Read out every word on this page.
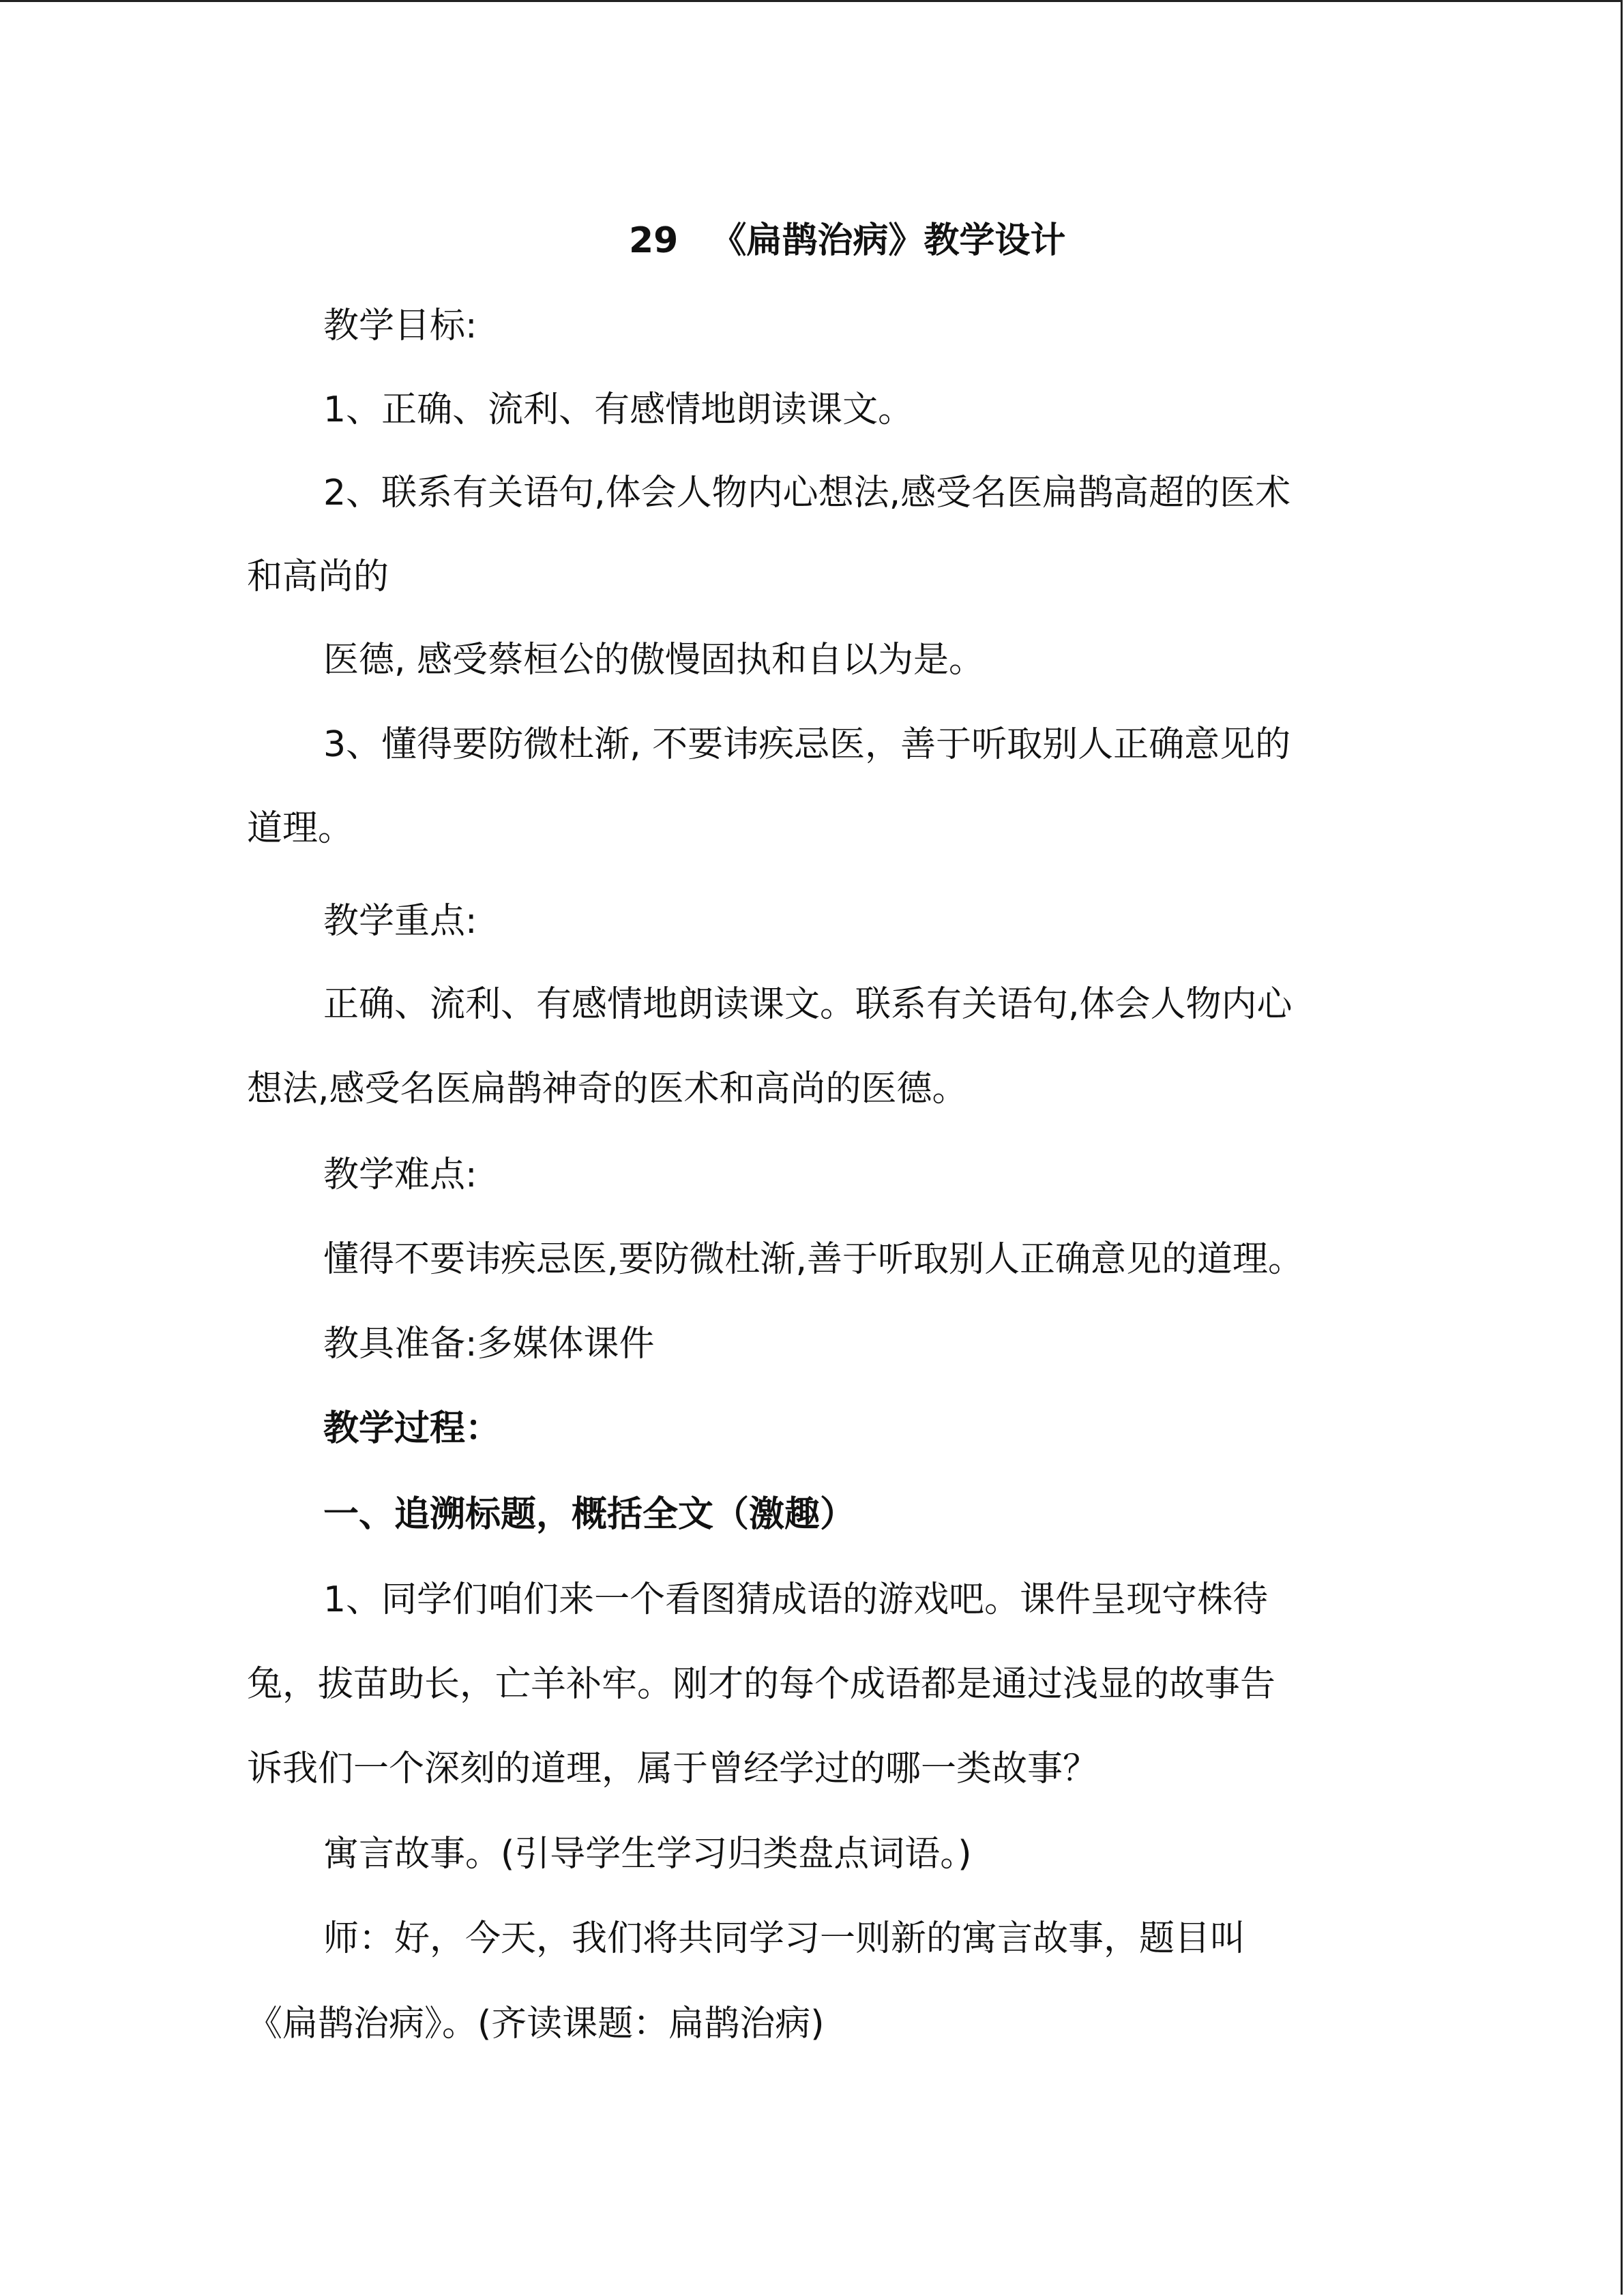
29 《扁鹊治病》教学设计
教学目标:
1、正确、流利、有感情地朗读课文。
2、联系有关语句,体会人物内心想法,感受名医扁鹊高超的医术
和高尚的
医德, 感受蔡桓公的傲慢固执和自以为是。
3、懂得要防微杜渐, 不要讳疾忌医，善于听取别人正确意见的
道理。
教学重点:
正确、流利、有感情地朗读课文。联系有关语句,体会人物内心
想法,感受名医扁鹊神奇的医术和高尚的医德。
教学难点:
懂得不要讳疾忌医,要防微杜渐,善于听取别人正确意见的道理。
教具准备:多媒体课件
教学过程：
一、追溯标题，概括全文（激趣）
1、同学们咱们来一个看图猜成语的游戏吧。课件呈现守株待
兔，拔苗助长，亡羊补牢。刚才的每个成语都是通过浅显的故事告
诉我们一个深刻的道理，属于曾经学过的哪一类故事？
寓言故事。(引导学生学习归类盘点词语。)
师：好，今天，我们将共同学习一则新的寓言故事，题目叫
《扁鹊治病》。(齐读课题：扁鹊治病)
